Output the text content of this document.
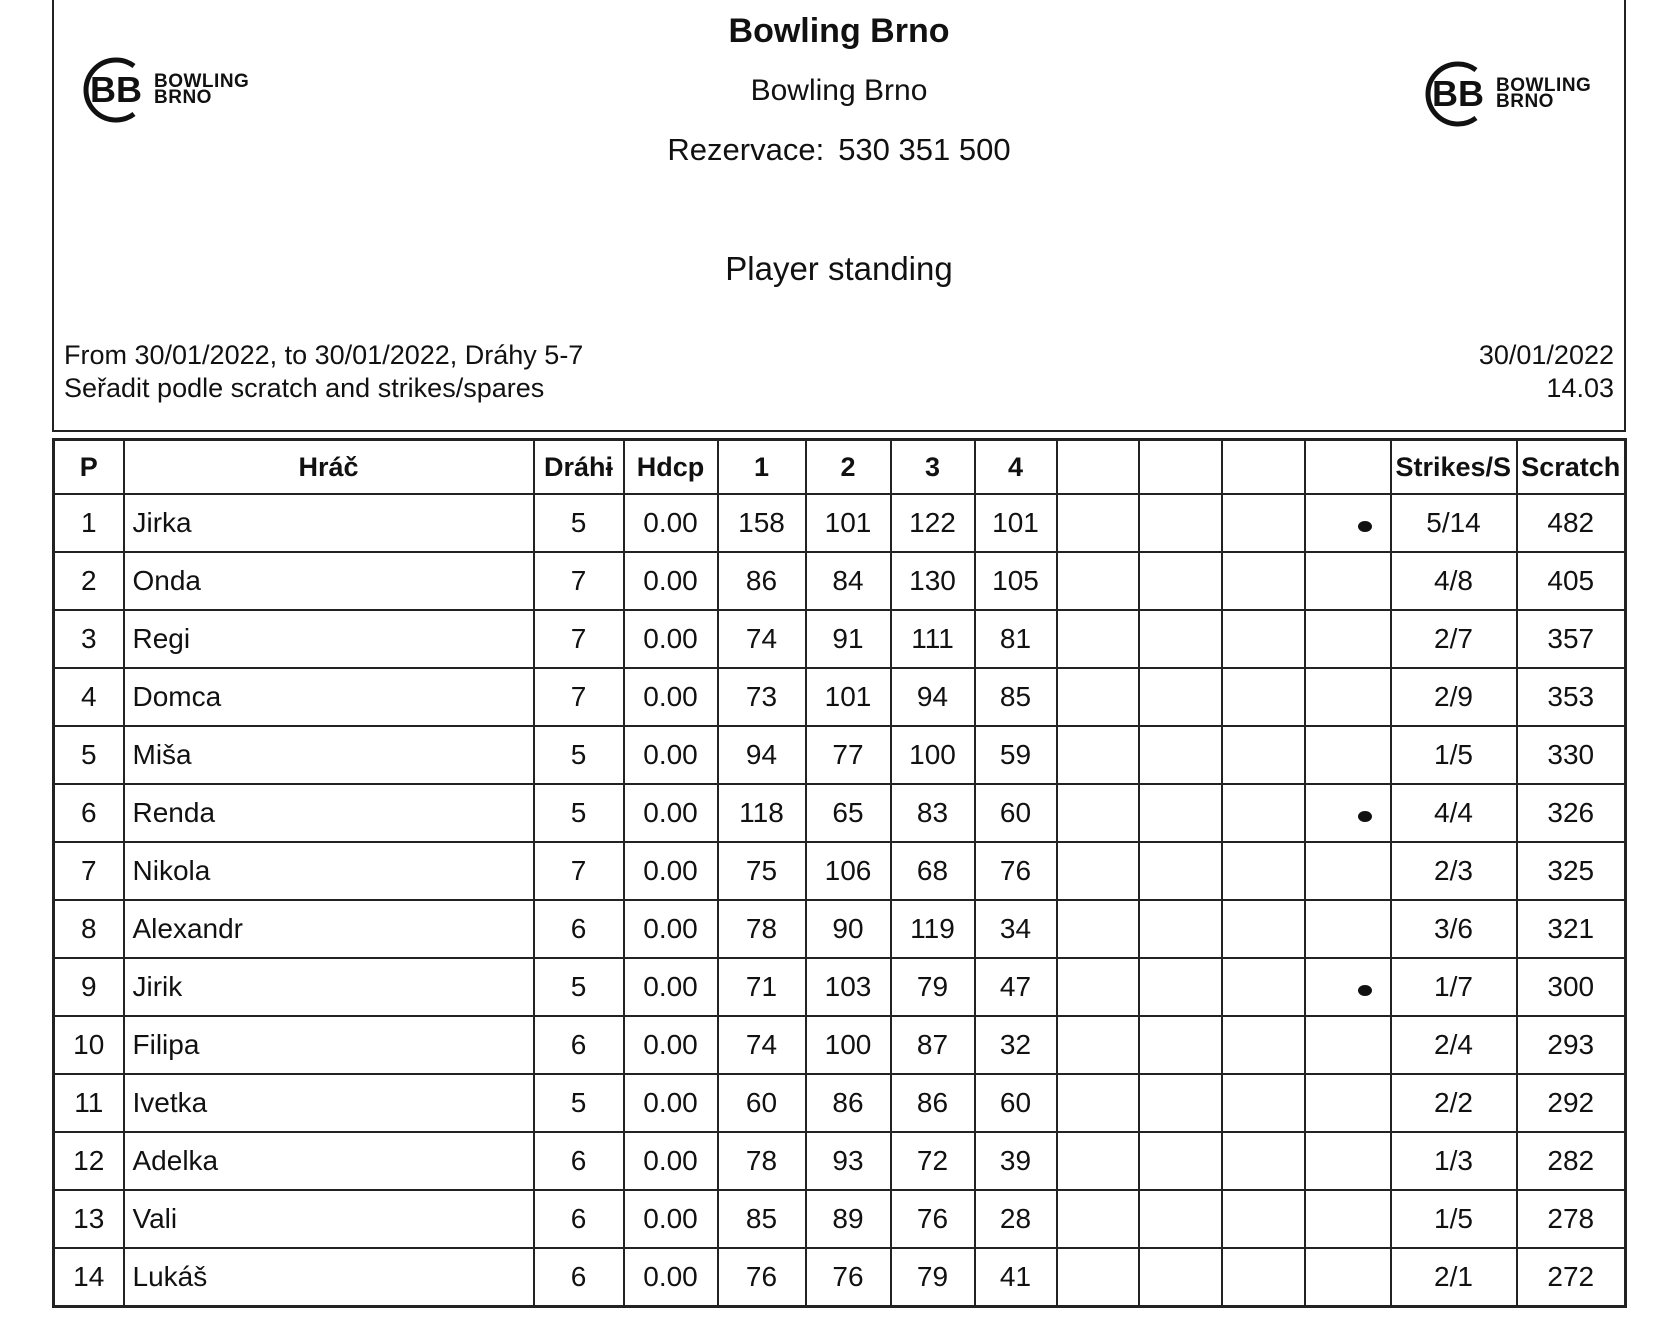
BB BOWLING
BRNO	BB BOWLING
BRNO
Bowling Brno
Bowling Brno
Rezervace: 530 351 500
Player standing
From 30/01/2022, to 30/01/2022, Dráhy 5-7
Seřadit podle scratch and strikes/spares
30/01/2022
14.03
P	Hráč	Dráhɨ	Hdcp	1	2	3	4					Strikes/S	Scratch
1	Jirka	5	0.00	158	101	122	101					5/14	482
2	Onda	7	0.00	86	84	130	105					4/8	405
3	Regi	7	0.00	74	91	111	81					2/7	357
4	Domca	7	0.00	73	101	94	85					2/9	353
5	Miša	5	0.00	94	77	100	59					1/5	330
6	Renda	5	0.00	118	65	83	60					4/4	326
7	Nikola	7	0.00	75	106	68	76					2/3	325
8	Alexandr	6	0.00	78	90	119	34					3/6	321
9	Jirik	5	0.00	71	103	79	47					1/7	300
10	Filipa	6	0.00	74	100	87	32					2/4	293
11	Ivetka	5	0.00	60	86	86	60					2/2	292
12	Adelka	6	0.00	78	93	72	39					1/3	282
13	Vali	6	0.00	85	89	76	28					1/5	278
14	Lukáš	6	0.00	76	76	79	41					2/1	272
